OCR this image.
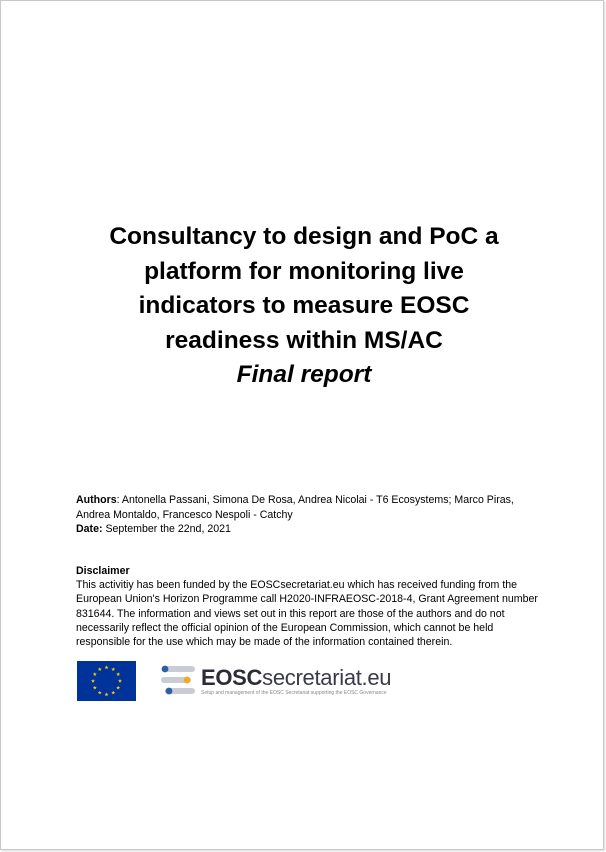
Consultancy to design and PoC a
platform for monitoring live
indicators to measure EOSC
readiness within MS/AC
Final report
Authors: Antonella Passani, Simona De Rosa, Andrea Nicolai - T6 Ecosystems; Marco Piras, Andrea Montaldo, Francesco Nespoli - Catchy
Date: September the 22nd, 2021
Disclaimer
This activitiy has been funded by the EOSCsecretariat.eu which has received funding from the European Union's Horizon Programme call H2020-INFRAEOSC-2018-4, Grant Agreement number 831644. The information and views set out in this report are those of the authors and do not necessarily reflect the official opinion of the European Commission, which cannot be held responsible for the use which may be made of the information contained therein.
EOSCsecretariat.eu
Setup and management of the EOSC Secretariat supporting the EOSC Governance
